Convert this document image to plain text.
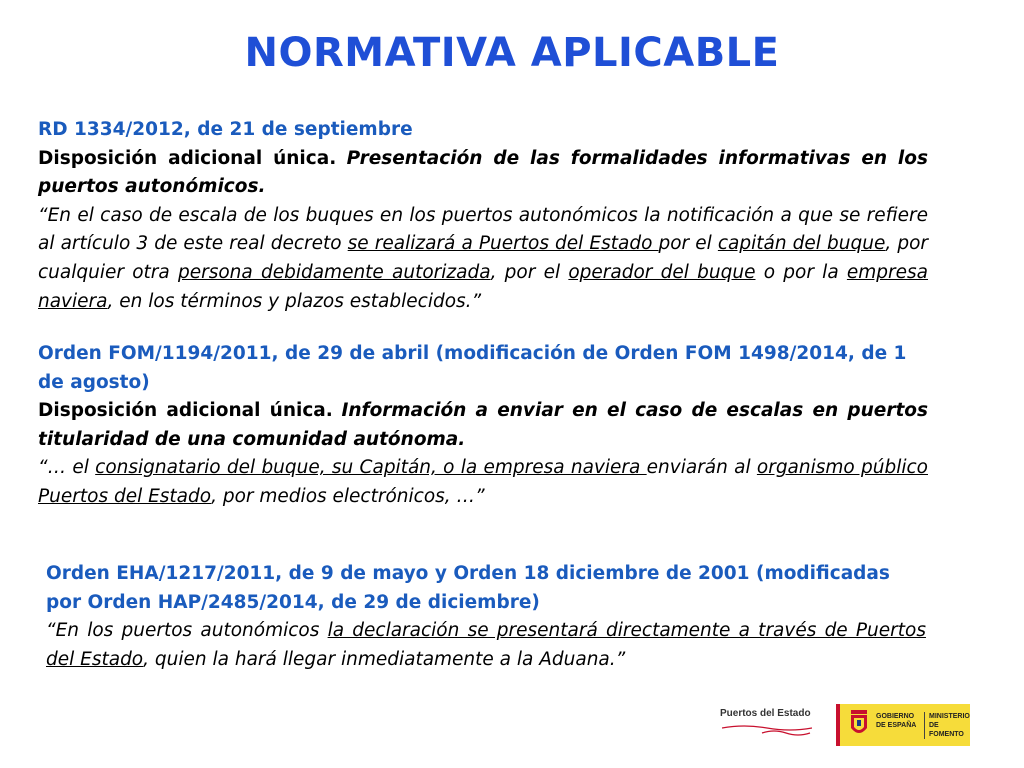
NORMATIVA APLICABLE
RD 1334/2012, de 21 de septiembre
Disposición adicional única. Presentación de las formalidades informativas en los puertos autonómicos.
“En el caso de escala de los buques en los puertos autonómicos la notificación a que se refiere al artículo 3 de este real decreto se realizará a Puertos del Estado por el capitán del buque, por cualquier otra persona debidamente autorizada, por el operador del buque o por la empresa naviera, en los términos y plazos establecidos.”
Orden FOM/1194/2011, de 29 de abril (modificación de Orden FOM 1498/2014, de 1 de agosto)
Disposición adicional única. Información a enviar en el caso de escalas en puertos titularidad de una comunidad autónoma.
“… el consignatario del buque, su Capitán, o la empresa naviera enviarán al organismo público Puertos del Estado, por medios electrónicos, …”
Orden EHA/1217/2011, de 9 de mayo y Orden 18 diciembre de 2001 (modificadas por Orden HAP/2485/2014, de 29 de diciembre)
“En los puertos autonómicos la declaración se presentará directamente a través de Puertos del Estado, quien la hará llegar inmediatamente a la Aduana.”
Puertos del Estado	GOBIERNO
DE ESPAÑA
MINISTERIO
DE FOMENTO
